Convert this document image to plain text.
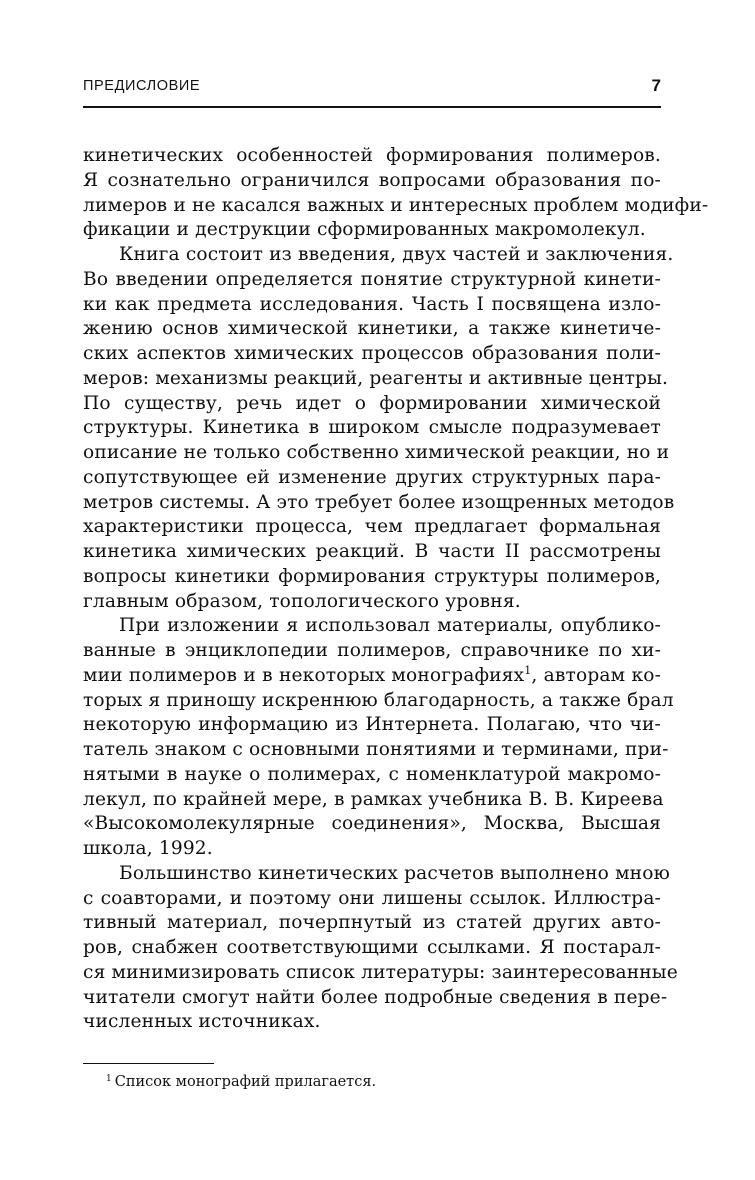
ПРЕДИСЛОВИЕ	7
кинетических особенностей формирования полимеров.
Я сознательно ограничился вопросами образования по-
лимеров и не касался важных и интересных проблем модифи-
фикации и деструкции сформированных макромолекул.
Книга состоит из введения, двух частей и заключения.
Во введении определяется понятие структурной кинети-
ки как предмета исследования. Часть I посвящена изло-
жению основ химической кинетики, а также кинетиче-
ских аспектов химических процессов образования поли-
меров: механизмы реакций, реагенты и активные центры.
По существу, речь идет о формировании химической
структуры. Кинетика в широком смысле подразумевает
описание не только собственно химической реакции, но и
сопутствующее ей изменение других структурных пара-
метров системы. А это требует более изощренных методов
характеристики процесса, чем предлагает формальная
кинетика химических реакций. В части II рассмотрены
вопросы кинетики формирования структуры полимеров,
главным образом, топологического уровня.
При изложении я использовал материалы, опублико-
ванные в энциклопедии полимеров, справочнике по хи-
мии полимеров и в некоторых монографиях$^1$, авторам ко-
торых я приношу искреннюю благодарность, а также брал
некоторую информацию из Интернета. Полагаю, что чи-
татель знаком с основными понятиями и терминами, при-
нятыми в науке о полимерах, с номенклатурой макромо-
лекул, по крайней мере, в рамках учебника В. В. Киреева
«Высокомолекулярные соединения», Москва, Высшая
школа, 1992.
Большинство кинетических расчетов выполнено мною
с соавторами, и поэтому они лишены ссылок. Иллюстра-
тивный материал, почерпнутый из статей других авто-
ров, снабжен соответствующими ссылками. Я постарал-
ся минимизировать список литературы: заинтересованные
читатели смогут найти более подробные сведения в пере-
численных источниках.
$^1$ Список монографий прилагается.
